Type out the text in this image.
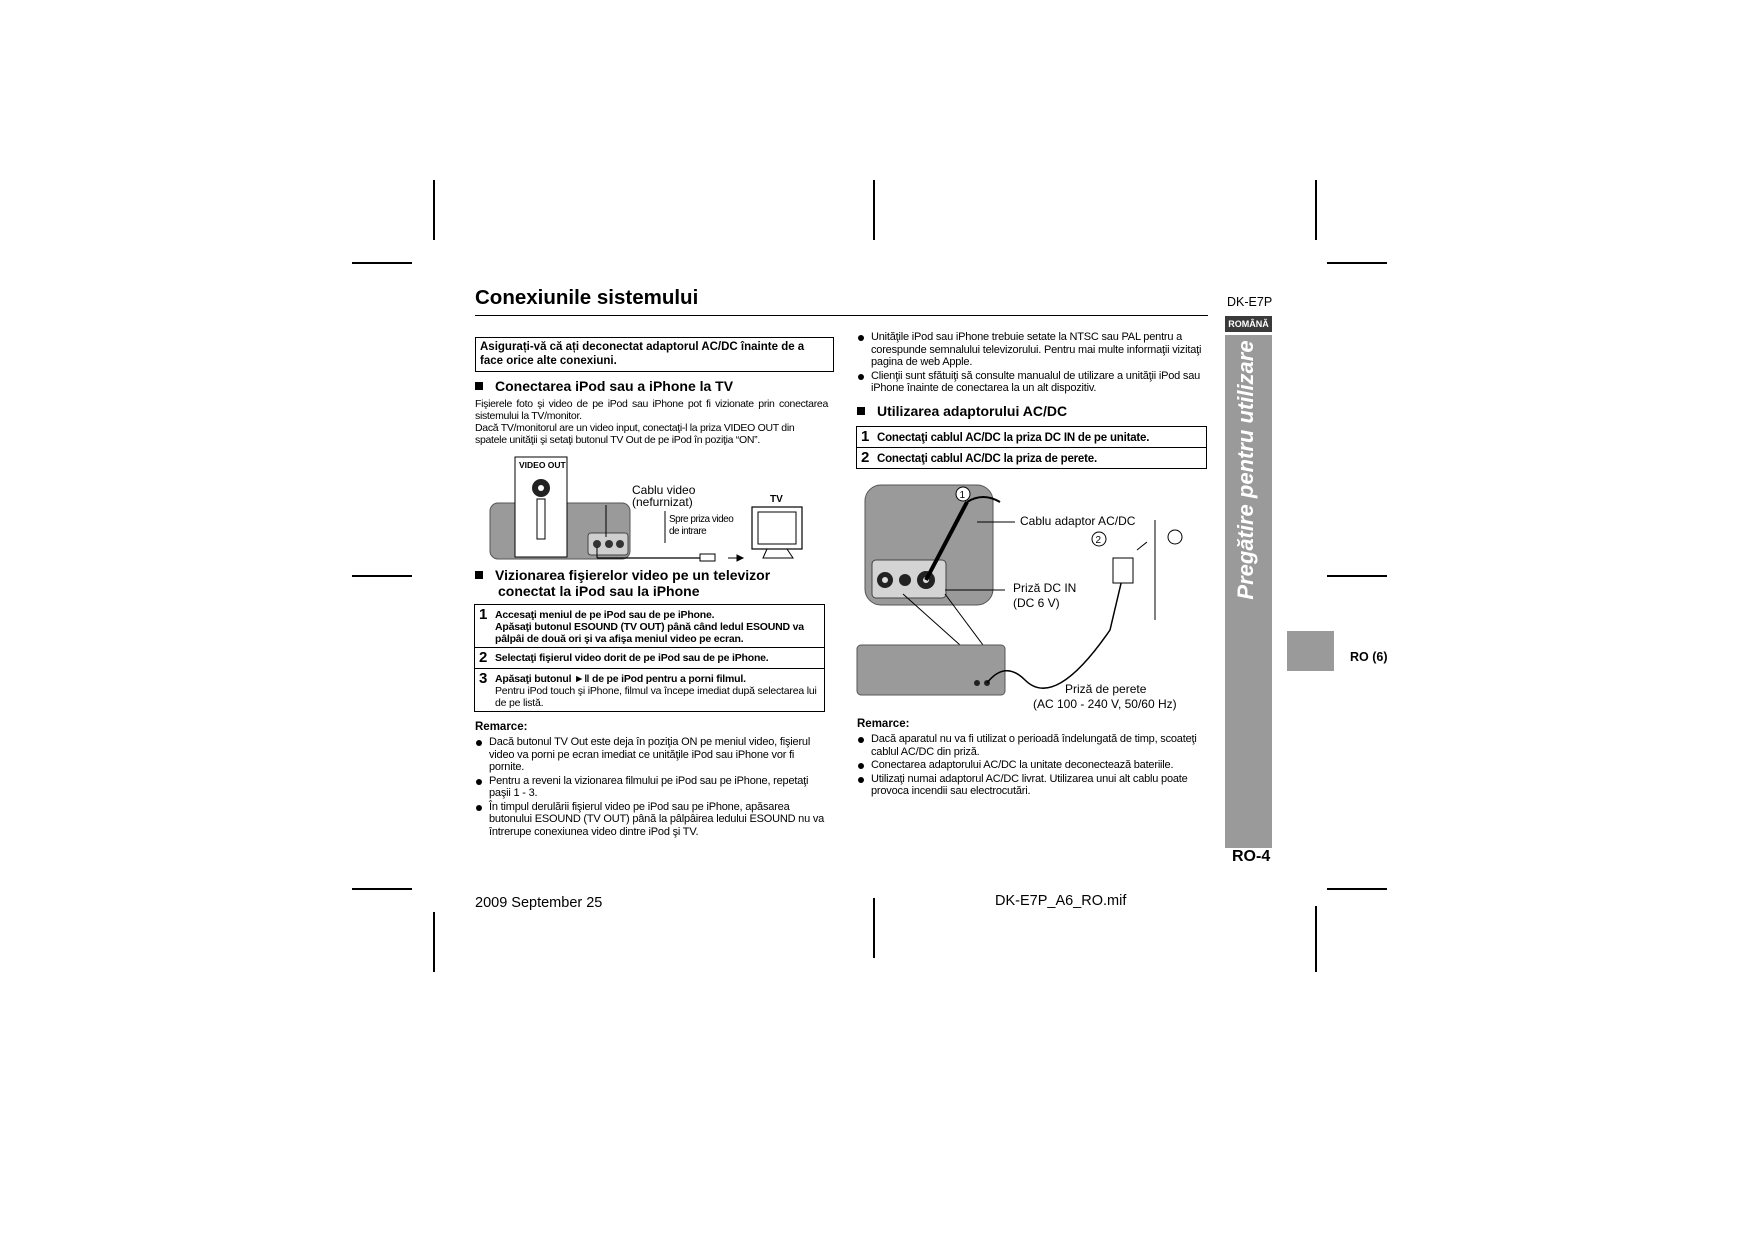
Conexiunile sistemului	DK-E7P
ROMÂNĂ
Pregătire pentru utilizare
RO (6)
RO-4
Asigurați-vă că ați deconectat adaptorul AC/DC înainte de a face orice alte conexiuni.
Conectarea iPod sau a iPhone la TV
Fişierele foto şi video de pe iPod sau iPhone pot fi vizionate prin conectarea sistemului la TV/monitor.
Dacă TV/monitorul are un video input, conectaţi-l la priza VIDEO OUT din spatele unităţii şi setaţi butonul TV Out de pe iPod în poziţia “ON”.
VIDEO OUT
Cablu video
(nefurnizat)
Spre priza video
de intrare
TV
Vizionarea fişierelor video pe un televizor
conectat la iPod sau la iPhone
1 Accesaţi meniul de pe iPod sau de pe iPhone.
Apăsaţi butonul ESOUND (TV OUT) până când ledul ESOUND va pâlpâi de două ori şi va afişa meniul video pe ecran.
2 Selectaţi fişierul video dorit de pe iPod sau de pe iPhone.
3 Apăsaţi butonul ►‖ de pe iPod pentru a porni filmul.
Pentru iPod touch şi iPhone, filmul va începe imediat după selectarea lui de pe listă.
Remarce:
Dacă butonul TV Out este deja în poziţia ON pe meniul video, fişierul video va porni pe ecran imediat ce unităţile iPod sau iPhone vor fi pornite.
Pentru a reveni la vizionarea filmului pe iPod sau pe iPhone, repetaţi paşii 1 - 3.
În timpul derulării fişierul video pe iPod sau pe iPhone, apăsarea butonului ESOUND (TV OUT) până la pâlpâirea ledului ESOUND nu va întrerupe conexiunea video dintre iPod şi TV.
Unităţile iPod sau iPhone trebuie setate la NTSC sau PAL pentru a corespunde semnalului televizorului. Pentru mai multe informaţii vizitaţi pagina de web Apple.
Clienţii sunt sfătuiţi să consulte manualul de utilizare a unităţii iPod sau iPhone înainte de conectarea la un alt dispozitiv.
Utilizarea adaptorului AC/DC
1 Conectaţi cablul AC/DC la priza DC IN de pe unitate.
2 Conectaţi cablul AC/DC la priza de perete.
1
Cablu adaptor AC/DC
Priză DC IN
(DC 6 V)
2
Priză de perete
(AC 100 - 240 V, 50/60 Hz)
Remarce:
Dacă aparatul nu va fi utilizat o perioadă îndelungată de timp, scoateţi cablul AC/DC din priză.
Conectarea adaptorului AC/DC la unitate deconectează bateriile.
Utilizaţi numai adaptorul AC/DC livrat. Utilizarea unui alt cablu poate provoca incendii sau electrocutări.
2009 September 25	DK-E7P_A6_RO.mif
